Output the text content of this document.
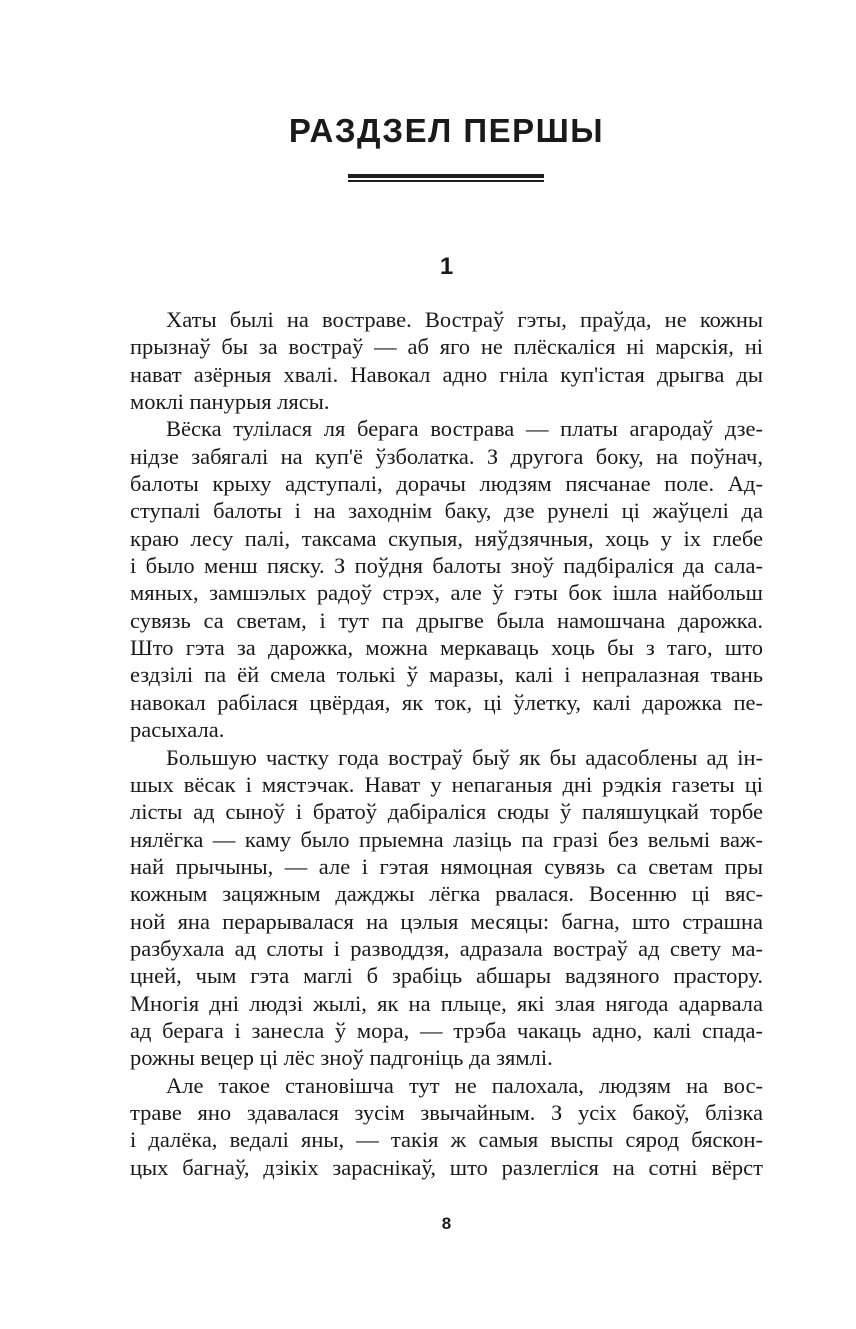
РАЗДЗЕЛ ПЕРШЫ
1
Хаты былі на востраве. Востраў гэты, праўда, не кожны
прызнаў бы за востраў — аб яго не плёскаліся ні марскія, ні
нават азёрныя хвалі. Навокал адно гніла куп'істая дрыгва ды
моклі панурыя лясы.
Вёска тулілася ля берага вострава — платы агародаў дзе-
нідзе забягалі на куп'ё ўзболатка. З другога боку, на поўнач,
балоты крыху адступалі, дорачы людзям пясчанае поле. Ад-
ступалі балоты і на заходнім баку, дзе рунелі ці жаўцелі да
краю лесу палі, таксама скупыя, няўдзячныя, хоць у іх глебе
і было менш пяску. З поўдня балоты зноў падбіраліся да сала-
мяных, замшэлых радоў стрэх, але ў гэты бок ішла найбольш
сувязь са светам, і тут па дрыгве была намошчана дарожка.
Што гэта за дарожка, можна меркаваць хоць бы з таго, што
ездзілі па ёй смела толькі ў маразы, калі і непралазная твань
навокал рабілася цвёрдая, як ток, ці ўлетку, калі дарожка пе-
расыхала.
Большую частку года востраў быў як бы адасоблены ад ін-
шых вёсак і мястэчак. Нават у непаганыя дні рэдкія газеты ці
лісты ад сыноў і братоў дабіраліся сюды ў паляшуцкай торбе
нялёгка — каму было прыемна лазіць па гразі без вельмі важ-
най прычыны, — але і гэтая нямоцная сувязь са светам пры
кожным зацяжным дажджы лёгка рвалася. Восенню ці вяс-
ной яна перарывалася на цэлыя месяцы: багна, што страшна
разбухала ад слоты і разводдзя, адразала востраў ад свету ма-
цней, чым гэта маглі б зрабіць абшары вадзяного прастору.
Многія дні людзі жылі, як на плыце, які злая нягода адарвала
ад берага і занесла ў мора, — трэба чакаць адно, калі спада-
рожны вецер ці лёс зноў падгоніць да зямлі.
Але такое становішча тут не палохала, людзям на вос-
траве яно здавалася зусім звычайным. З усіх бакоў, блізка
і далёка, ведалі яны, — такія ж самыя выспы сярод бяскон-
цых багнаў, дзікіх зараснікаў, што разлегліся на сотні вёрст
8
